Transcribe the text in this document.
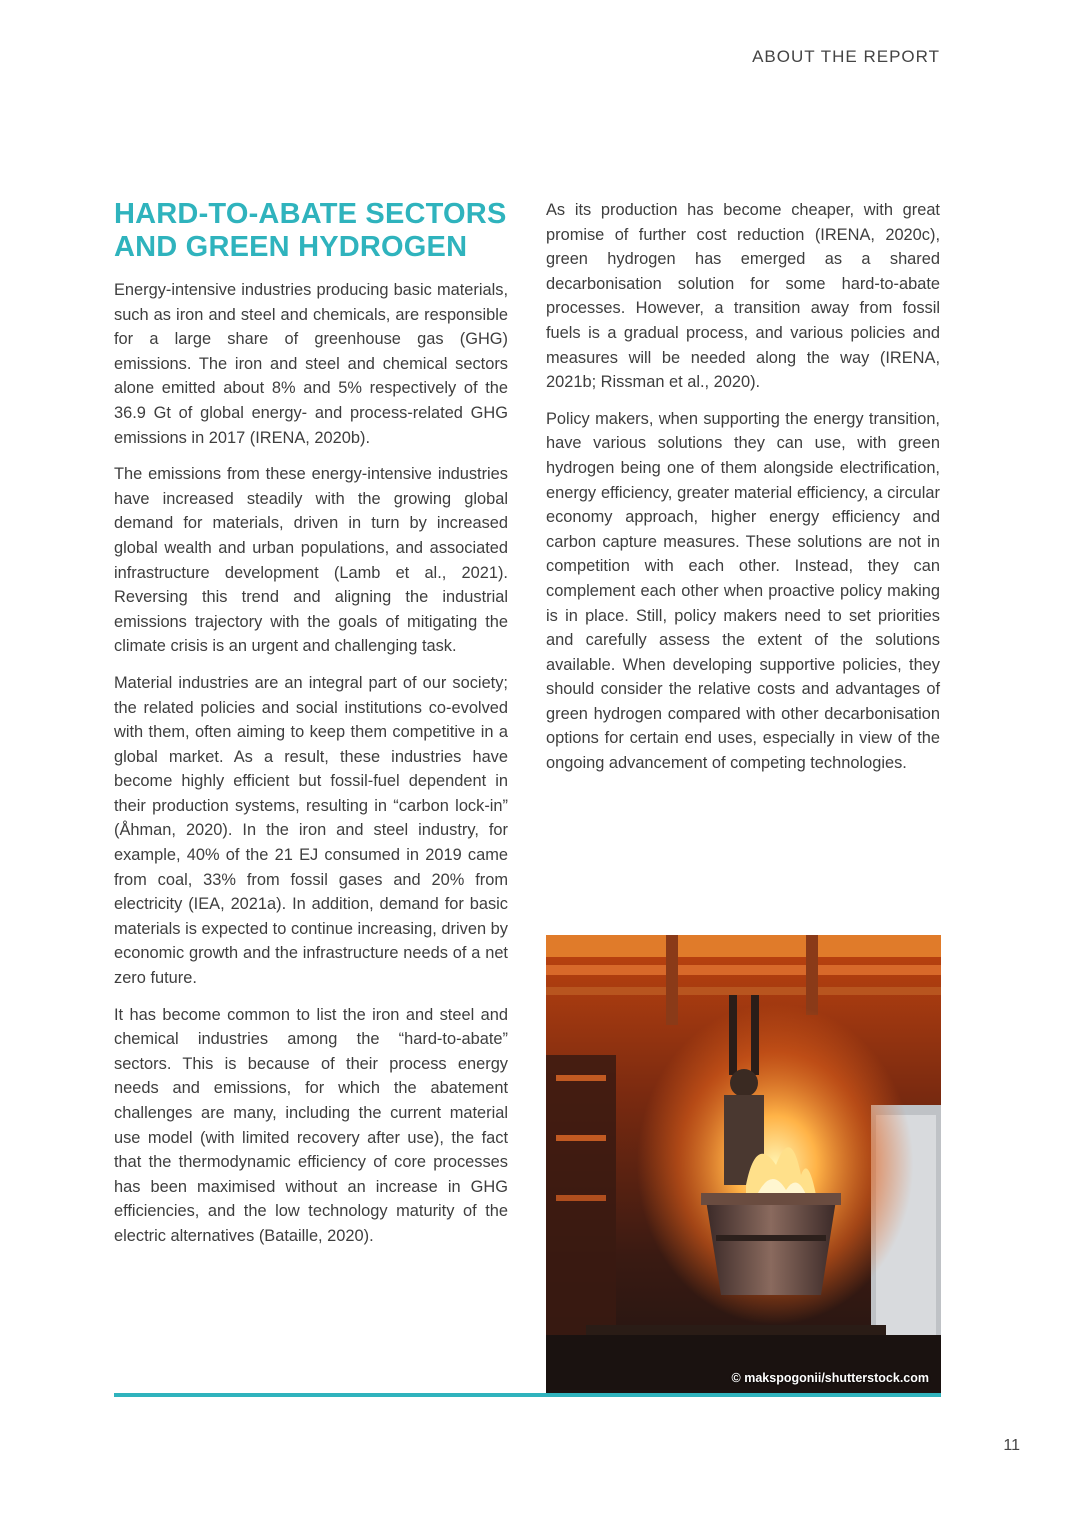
ABOUT THE REPORT
HARD-TO-ABATE SECTORS
AND GREEN HYDROGEN

Energy-intensive industries producing basic materials, such as iron and steel and chemicals, are responsible for a large share of greenhouse gas (GHG) emissions. The iron and steel and chemical sectors alone emitted about 8% and 5% respectively of the 36.9 Gt of global energy- and process-related GHG emissions in 2017 (IRENA, 2020b).

The emissions from these energy-intensive industries have increased steadily with the growing global demand for materials, driven in turn by increased global wealth and urban populations, and associated infrastructure development (Lamb et al., 2021). Reversing this trend and aligning the industrial emissions trajectory with the goals of mitigating the climate crisis is an urgent and challenging task.

Material industries are an integral part of our society; the related policies and social institutions co-evolved with them, often aiming to keep them competitive in a global market. As a result, these industries have become highly efficient but fossil-fuel dependent in their production systems, resulting in “carbon lock-in” (Åhman, 2020). In the iron and steel industry, for example, 40% of the 21 EJ consumed in 2019 came from coal, 33% from fossil gases and 20% from electricity (IEA, 2021a). In addition, demand for basic materials is expected to continue increasing, driven by economic growth and the infrastructure needs of a net zero future.

It has become common to list the iron and steel and chemical industries among the “hard-to-abate” sectors. This is because of their process energy needs and emissions, for which the abatement challenges are many, including the current material use model (with limited recovery after use), the fact that the thermodynamic efficiency of core processes has been maximised without an increase in GHG efficiencies, and the low technology maturity of the electric alternatives (Bataille, 2020).

As its production has become cheaper, with great promise of further cost reduction (IRENA, 2020c), green hydrogen has emerged as a shared decarbonisation solution for some hard-to-abate processes. However, a transition away from fossil fuels is a gradual process, and various policies and measures will be needed along the way (IRENA, 2021b; Rissman et al., 2020).

Policy makers, when supporting the energy transition, have various solutions they can use, with green hydrogen being one of them alongside electrification, energy efficiency, greater material efficiency, a circular economy approach, higher energy efficiency and carbon capture measures. These solutions are not in competition with each other. Instead, they can complement each other when proactive policy making is in place. Still, policy makers need to set priorities and carefully assess the extent of the solutions available. When developing supportive policies, they should consider the relative costs and advantages of green hydrogen compared with other decarbonisation options for certain end uses, especially in view of the ongoing advancement of competing technologies.

© makspogonii/shutterstock.com
11
